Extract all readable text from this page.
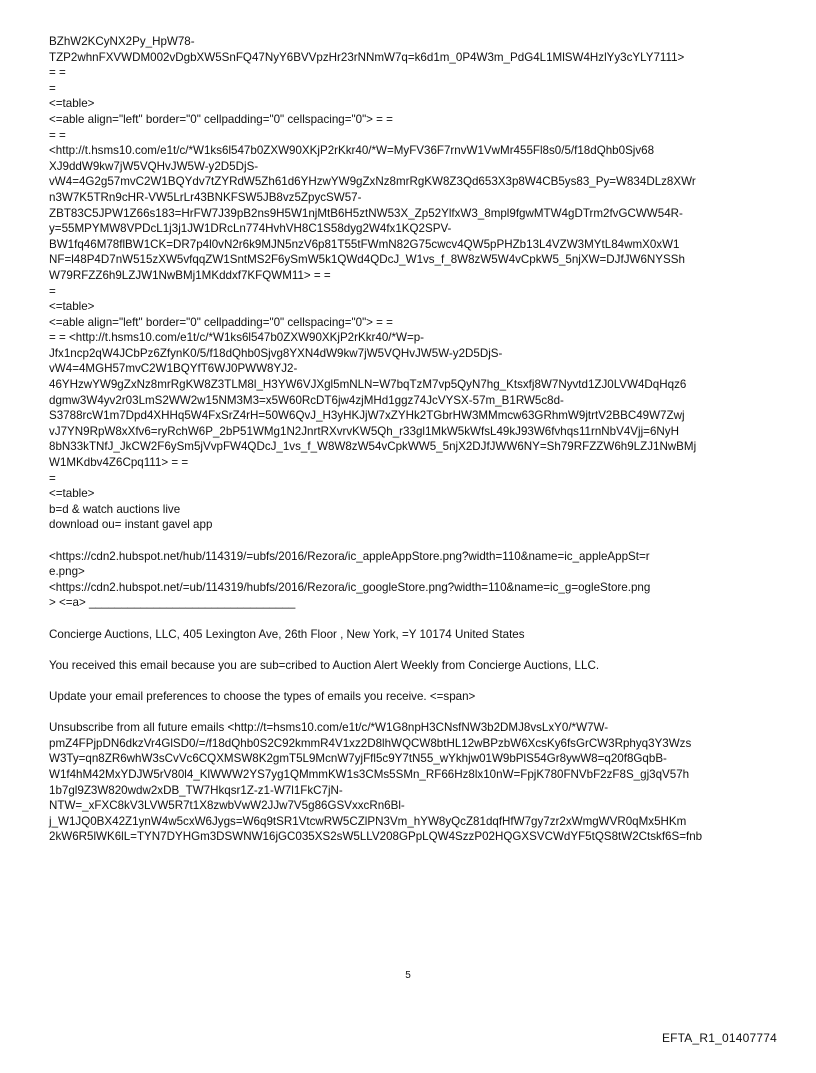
BZhW2KCyNX2Py_HpW78-
TZP2whnFXVWDM002vDgbXW5SnFQ47NyY6BVVpzHr23rNNmW7q=k6d1m_0P4W3m_PdG4L1MlSW4HzlYy3cYLY7111>
= =
=
<=table>
<=able align="left" border="0" cellpadding="0" cellspacing="0"> = =
= =
<http://t.hsms10.com/e1t/c/*W1ks6l547b0ZXW90XKjP2rKkr40/*W=MyFV36F7rnvW1VwMr455Fl8s0/5/f18dQhb0Sjv68
XJ9ddW9kw7jW5VQHvJW5W-y2D5DjS-
vW4=4G2g57mvC2W1BQYdv7tZYRdW5Zh61d6YHzwYW9gZxNz8mrRgKW8Z3Qd653X3p8W4CB5ys83_Py=W834DLz8XWr
n3W7K5TRn9cHR-VW5LrLr43BNKFSW5JB8vz5ZpycSW57-
ZBT83C5JPW1Z66s183=HrFW7J39pB2ns9H5W1njMtB6H5ztNW53X_Zp52YlfxW3_8mpl9fgwMTW4gDTrm2fvGCWW54R-
y=55MPYMW8VPDcL1j3j1JW1DRcLn774HvhVH8C1S58dyg2W4fx1KQ2SPV-
BW1fq46M78flBW1CK=DR7p4l0vN2r6k9MJN5nzV6p81T55tFWmN82G75cwcv4QW5pPHZb13L4VZW3MYtL84wmX0xW1
NF=l48P4D7nW515zXW5vfqqZW1SntMS2F6ySmW5k1QWd4QDcJ_W1vs_f_8W8zW5W4vCpkW5_5njXW=DJfJW6NYSSh
W79RFZZ6h9LZJW1NwBMj1MKddxf7KFQWM11> = =
=
<=table>
<=able align="left" border="0" cellpadding="0" cellspacing="0"> = =
= = <http://t.hsms10.com/e1t/c/*W1ks6l547b0ZXW90XKjP2rKkr40/*W=p-
Jfx1ncp2qW4JCbPz6ZfynK0/5/f18dQhb0Sjvg8YXN4dW9kw7jW5VQHvJW5W-y2D5DjS-
vW4=4MGH57mvC2W1BQYfT6WJ0PWW8YJ2-
46YHzwYW9gZxNz8mrRgKW8Z3TLM8l_H3YW6VJXgl5mNLN=W7bqTzM7vp5QyN7hg_Ktsxfj8W7Nyvtd1ZJ0LVW4DqHqz6
dgmw3W4yv2r03LmS2WW2w15NM3M3=x5W60RcDT6jw4zjMHd1ggz74JcVYSX-57m_B1RW5c8d-
S3788rcW1m7Dpd4XHHq5W4FxSrZ4rH=50W6QvJ_H3yHKJjW7xZYHk2TGbrHW3MMmcw63GRhmW9jtrtV2BBC49W7Zwj
vJ7YN9RpW8xXfv6=ryRchW6P_2bP51WMg1N2JnrtRXvrvKW5Qh_r33gl1MkW5kWfsL49kJ93W6fvhqs11rnNbV4Vjj=6NyH
8bN33kTNfJ_JkCW2F6ySm5jVvpFW4QDcJ_1vs_f_W8W8zW54vCpkWW5_5njX2DJfJWW6NY=Sh79RFZZW6h9LZJ1NwBMj
W1MKdbv4Z6Cpq111> = =
=
<=table>
b=d & watch auctions live
download ou= instant gavel app
<https://cdn2.hubspot.net/hub/114319/=ubfs/2016/Rezora/ic_appleAppStore.png?width=110&name=ic_appleAppSt=r
e.png>
<https://cdn2.hubspot.net/=ub/114319/hubfs/2016/Rezora/ic_googleStore.png?width=110&name=ic_g=ogleStore.png
> <=a> ________________________________
Concierge Auctions, LLC, 405 Lexington Ave, 26th Floor , New York, =Y 10174 United States
You received this email because you are sub=cribed to Auction Alert Weekly from Concierge Auctions, LLC.
Update your email preferences to choose the types of emails you receive. <=span>
Unsubscribe from all future emails <http://t=hsms10.com/e1t/c/*W1G8npH3CNsfNW3b2DMJ8vsLxY0/*W7W-
pmZ4FPjpDN6dkzVr4GlSD0/=/f18dQhb0S2C92kmmR4V1xz2D8lhWQCW8btHL12wBPzbW6XcsKy6fsGrCW3Rphyq3Y3Wzs
W3Ty=qn8ZR6whW3sCvVc6CQXMSW8K2gmT5L9McnW7yjFfl5c9Y7tN55_wYkhjw01W9bPlS54Gr8ywW8=q20f8GqbB-
W1f4hM42MxYDJW5rV80l4_KlWWW2YS7yg1QMmmKW1s3CMs5SMn_RF66Hz8lx10nW=FpjK780FNVbF2zF8S_gj3qV57h
1b7gl9Z3W820wdw2xDB_TW7Hkqsr1Z-z1-W7l1FkC7jN-
NTW=_xFXC8kV3LVW5R7t1X8zwbVwW2JJw7V5g86GSVxxcRn6Bl-
j_W1JQ0BX42Z1ynW4w5cxW6Jygs=W6q9tSR1VtcwRW5CZlPN3Vm_hYW8yQcZ81dqfHfW7gy7zr2xWmgWVR0qMx5HKm
2kW6R5lWK6lL=TYN7DYHGm3DSWNW16jGC035XS2sW5LLV208GPpLQW4SzzP02HQGXSVCWdYF5tQS8tW2Ctskf6S=fnb
5
EFTA_R1_01407774
